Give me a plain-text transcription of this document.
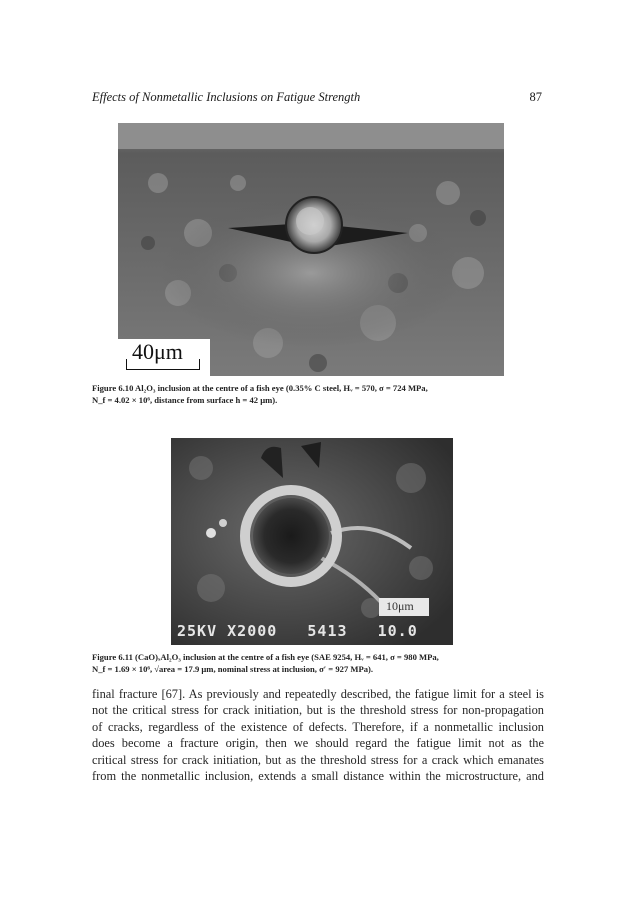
Effects of Nonmetallic Inclusions on Fatigue Strength	87
40μm
Figure 6.10 Al₂O₃ inclusion at the centre of a fish eye (0.35% C steel, Hᵥ = 570, σ = 724 MPa,
N_f = 4.02 × 10⁶, distance from surface h = 42 μm).
10μm
25KV X2000   5413   10.0
Figure 6.11 (CaO)ₓAl₂O₃ inclusion at the centre of a fish eye (SAE 9254, Hᵥ = 641, σ = 980 MPa,
N_f = 1.69 × 10⁶, √area = 17.9 μm, nominal stress at inclusion, σ′ = 927 MPa).
final fracture [67]. As previously and repeatedly described, the fatigue limit for a steel is
not the critical stress for crack initiation, but is the threshold stress for non-propagation
of cracks, regardless of the existence of defects. Therefore, if a nonmetallic inclusion
does become a fracture origin, then we should regard the fatigue limit not as the
critical stress for crack initiation, but as the threshold stress for a crack which emanates
from the nonmetallic inclusion, extends a small distance within the microstructure, and
